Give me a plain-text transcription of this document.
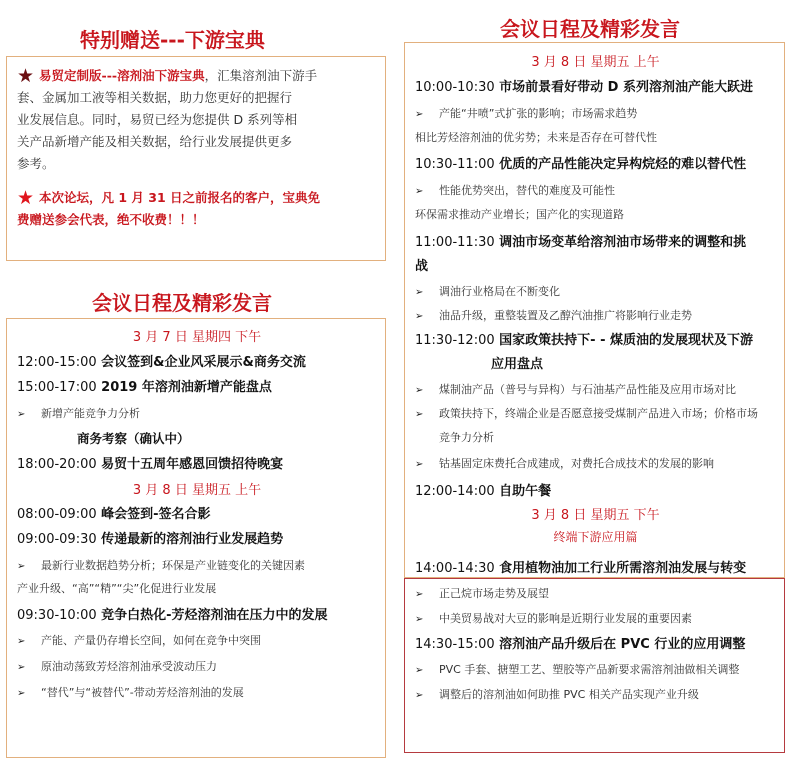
特别赠送---下游宝典
★ 易贸定制版---溶剂油下游宝典，汇集溶剂油下游手
套、金属加工液等相关数据，助力您更好的把握行
业发展信息。同时，易贸已经为您提供 D 系列等相
关产品新增产能及相关数据，给行业发展提供更多
参考。
★ 本次论坛，凡 1 月 31 日之前报名的客户，宝典免
费赠送参会代表，绝不收费！！！
会议日程及精彩发言
3 月 7 日 星期四 下午
12:00-15:00 会议签到&企业风采展示&商务交流
15:00-17:00 2019 年溶剂油新增产能盘点
➢ 新增产能竞争力分析
商务考察（确认中）
18:00-20:00 易贸十五周年感恩回馈招待晚宴
3 月 8 日 星期五 上午
08:00-09:00 峰会签到-签名合影
09:00-09:30 传递最新的溶剂油行业发展趋势
➢ 最新行业数据趋势分析；环保是产业链变化的关键因素
产业升级、“高”“精”“尖”化促进行业发展
09:30-10:00 竞争白热化-芳烃溶剂油在压力中的发展
➢ 产能、产量仍存增长空间，如何在竞争中突围
➢ 原油动荡致芳烃溶剂油承受波动压力
➢ “替代”与“被替代”-带动芳烃溶剂油的发展
会议日程及精彩发言
3 月 8 日 星期五 上午
10:00-10:30 市场前景看好带动 D 系列溶剂油产能大跃进
➢ 产能“井喷”式扩张的影响；市场需求趋势
相比芳烃溶剂油的优劣势；未来是否存在可替代性
10:30-11:00 优质的产品性能决定异构烷烃的难以替代性
➢ 性能优势突出，替代的难度及可能性
环保需求推动产业增长；国产化的实现道路
11:00-11:30 调油市场变革给溶剂油市场带来的调整和挑
战
➢ 调油行业格局在不断变化
➢ 油品升级，重整装置及乙醇汽油推广将影响行业走势
11:30-12:00 国家政策扶持下- - 煤质油的发展现状及下游
应用盘点
➢ 煤制油产品（普号与异构）与石油基产品性能及应用市场对比
➢ 政策扶持下，终端企业是否愿意接受煤制产品进入市场；价格市场
竞争力分析
➢ 钴基固定床费托合成建成，对费托合成技术的发展的影响
12:00-14:00 自助午餐
3 月 8 日 星期五 下午
终端下游应用篇
14:00-14:30 食用植物油加工行业所需溶剂油发展与转变
➢ 正己烷市场走势及展望
➢ 中美贸易战对大豆的影响是近期行业发展的重要因素
14:30-15:00 溶剂油产品升级后在 PVC 行业的应用调整
➢ PVC 手套、搪塑工艺、塑胶等产品新要求需溶剂油做相关调整
➢ 调整后的溶剂油如何助推 PVC 相关产品实现产业升级
